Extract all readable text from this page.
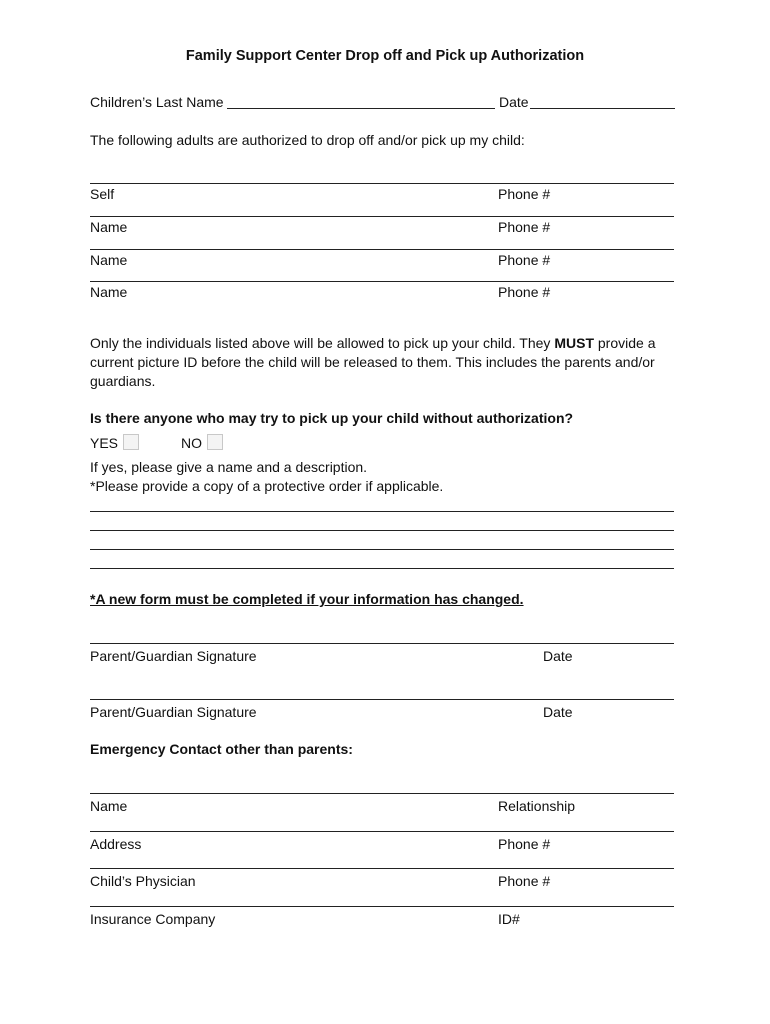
Family Support Center Drop off and Pick up Authorization
Children’s Last Name	Date
The following adults are authorized to drop off and/or pick up my child:
Self	Phone #
Name	Phone #
Name	Phone #
Name	Phone #
Only the individuals listed above will be allowed to pick up your child. They MUST provide a current picture ID before the child will be released to them. This includes the parents and/or guardians.
Is there anyone who may try to pick up your child without authorization?
YES	NO
If yes, please give a name and a description.
*Please provide a copy of a protective order if applicable.
*A new form must be completed if your information has changed.
Parent/Guardian Signature	Date
Parent/Guardian Signature	Date
Emergency Contact other than parents:
Name	Relationship
Address	Phone #
Child’s Physician	Phone #
Insurance Company	ID#
